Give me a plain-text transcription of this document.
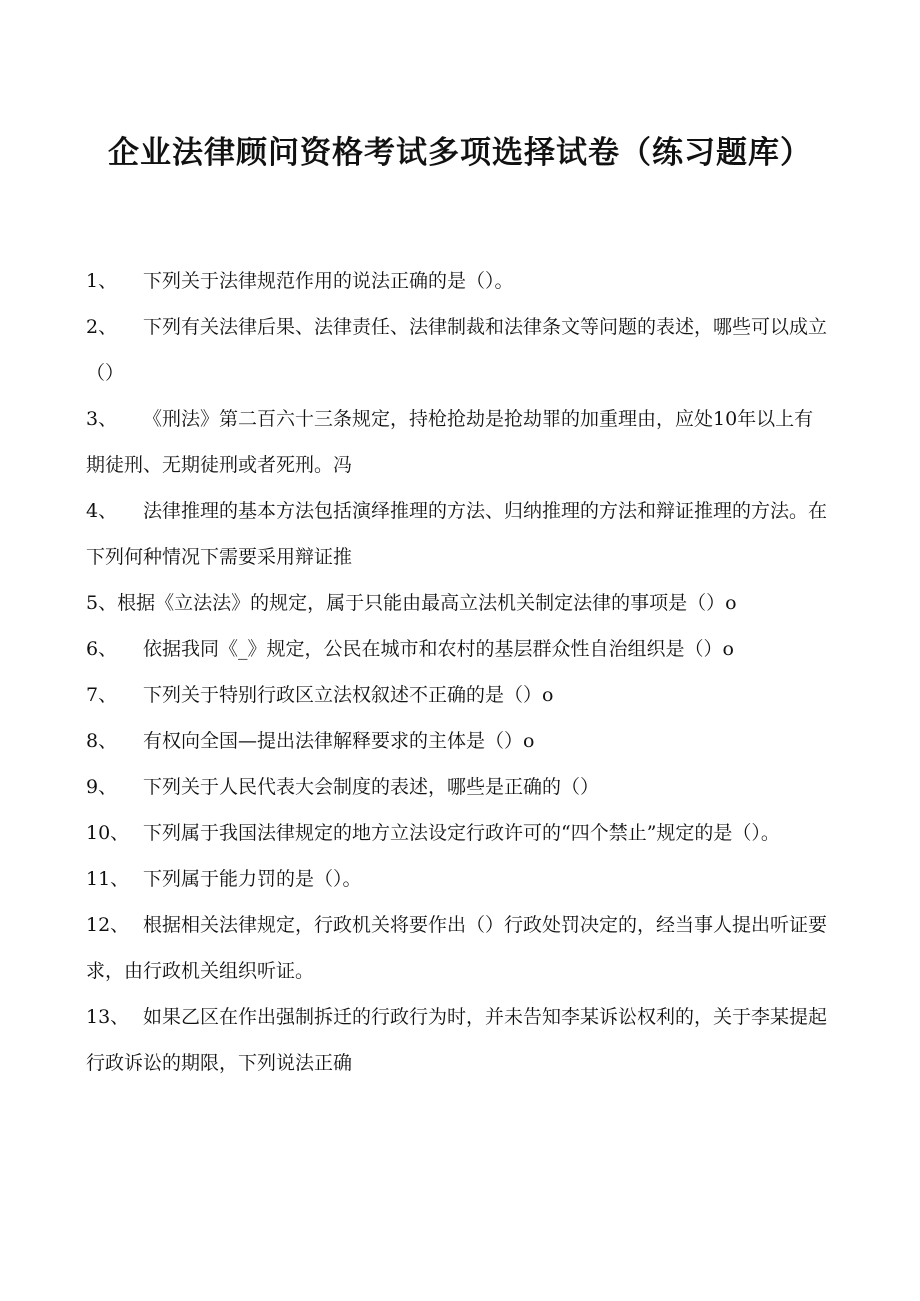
企业法律顾问资格考试多项选择试卷（练习题库）
1、 下列关于法律规范作用的说法正确的是（）。
2、 下列有关法律后果、法律责任、法律制裁和法律条文等问题的表述，哪些可以成立（）
3、 《刑法》第二百六十三条规定，持枪抢劫是抢劫罪的加重理由，应处10年以上有期徒刑、无期徒刑或者死刑。冯
4、 法律推理的基本方法包括演绎推理的方法、归纳推理的方法和辩证推理的方法。在下列何种情况下需要采用辩证推
5、根据《立法法》的规定，属于只能由最高立法机关制定法律的事项是（）o
6、 依据我同《_》规定，公民在城市和农村的基层群众性自治组织是（）o
7、 下列关于特别行政区立法权叙述不正确的是（）o
8、 有权向全国—提出法律解释要求的主体是（）o
9、 下列关于人民代表大会制度的表述，哪些是正确的（）
10、 下列属于我国法律规定的地方立法设定行政许可的“四个禁止”规定的是（）。
11、 下列属于能力罚的是（）。
12、 根据相关法律规定，行政机关将要作出（）行政处罚决定的，经当事人提出听证要求，由行政机关组织听证。
13、 如果乙区在作出强制拆迁的行政行为时，并未告知李某诉讼权利的，关于李某提起行政诉讼的期限，下列说法正确
